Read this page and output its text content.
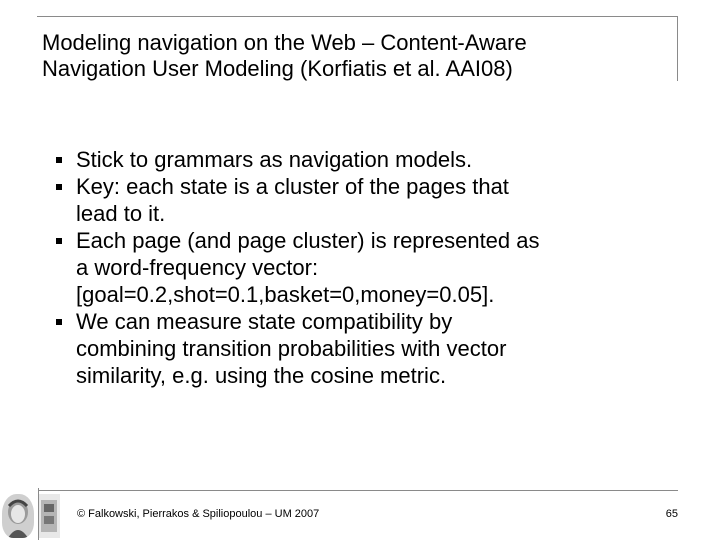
Modeling navigation on the Web – Content-Aware
Navigation User Modeling (Korfiatis et al. AAI08)
Stick to grammars as navigation models.
Key: each state is a cluster of the pages that
lead to it.
Each page (and page cluster) is represented as
a word-frequency vector:
[goal=0.2,shot=0.1,basket=0,money=0.05].
We can measure state compatibility by
combining transition probabilities with vector
similarity, e.g. using the cosine metric.
© Falkowski, Pierrakos & Spiliopoulou – UM 2007	65
